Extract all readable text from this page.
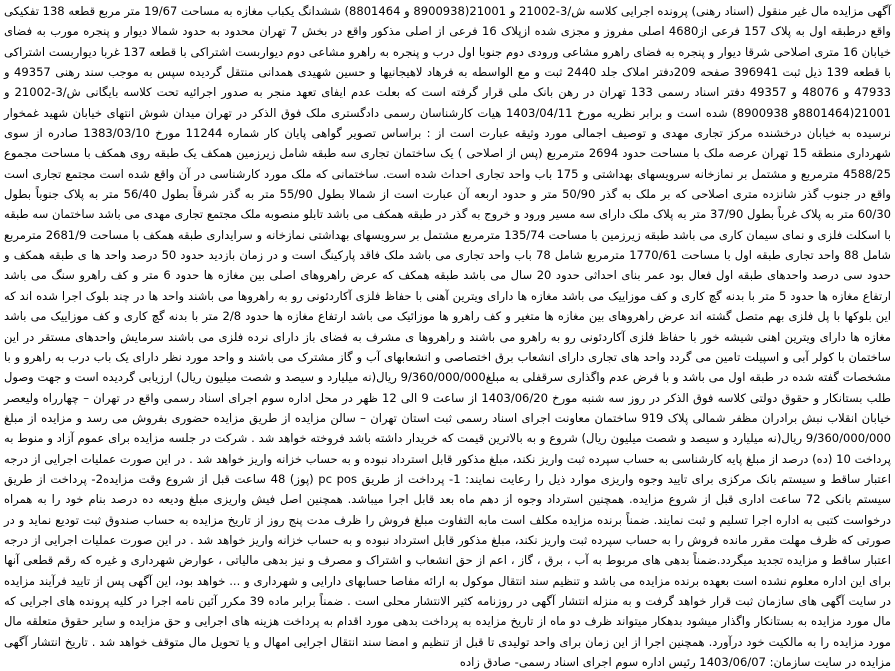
آگهی مزایده مال غیر منقول (اسناد رهنی) پرونده اجرایی کلاسه ش/3-21002 و 21001(8900938 و 8801464) ششدانگ یکباب مغازه به مساحت 19/67 متر مربع قطعه 138 تفکیکی واقع درطبقه اول به پلاک 157 فرعی از4680 اصلی مفروز و مجزی شده ازپلاک 16 فرعی از اصلی مذکور واقع در بخش 7 تهران محدود به حدود شمالا دیوار و پنجره مورب به فضای خیابان 16 متری اصلاحی شرقا دیوار و پنجره به فضای راهرو مشاعی ورودی دوم جنوبا اول درب و پنجره به راهرو مشاعی دوم دیواربست اشتراکی با قطعه 137 غربا دیواربست اشتراکی با قطعه 139 ذیل ثبت 396941 صفحه 209دفتر املاک جلد 2440 ثبت و مع الواسطه به فرهاد لاهیجانیها و حسین شهیدی همدانی منتقل گردیده سپس به موجب سند رهنی 49357 و 47933 و 48076 و 49357 دفتر اسناد رسمی 133 تهران در رهن بانک ملی قرار گرفته است که بعلت عدم ایفای تعهد منجر به صدور اجرائیه تحت کلاسه بایگانی ش/3-21002 و 21001(8801464و 8900938) شده است و برابر نظریه مورخ 1403/04/11 هیات کارشناسان رسمی دادگستری ملک فوق الذکر در تهران میدان شوش انتهای خیابان شهید غمخوار نرسیده به خیابان درخشنده مرکز تجاری مهدی و توصیف اجمالی مورد وثیقه عبارت است از : براساس تصویر گواهی پایان کار شماره 11244 مورخ 1383/03/10 صادره از سوی شهرداری منطقه 15 تهران عرصه ملک با مساحت حدود 2694 مترمربع (پس از اصلاحی ) یک ساختمان تجاری سه طبقه شامل زیرزمین همکف یک طبقه روی همکف با مساحت مجموع 4588/25 مترمربع و مشتمل بر نمازخانه سرویسهای بهداشتی و 175 باب واحد تجاری احداث شده است. ساختمانی که ملک مورد کارشناسی در آن واقع شده است مجتمع تجاری است واقع در جنوب گذر شانزده متری اصلاحی که بر ملک به گذر 50/90 متر و حدود اربعه آن عبارت است از شمالا بطول 55/90 متر به گذر شرقاً بطول 56/40 متر به پلاک جنوباً بطول 60/30 متر به پلاک غرباً بطول 37/90 متر به پلاک ملک دارای سه مسیر ورود و خروج به گذر در طبقه همکف می باشد تابلو منصوبه ملک مجتمع تجاری مهدی می باشد ساختمان سه طبقه با اسکلت فلزی و نمای سیمان کاری می باشد طبقه زیرزمین با مساحت 135/74 مترمربع مشتمل بر سرویسهای بهداشتی نمازخانه و سرایداری طبقه همکف با مساحت 2681/9 مترمربع شامل 88 واحد تجاری طبقه اول با مساحت 1770/61 مترمربع شامل 78 باب واحد تجاری می باشد ملک فاقد پارکینگ است و در زمان بازدید حدود 50 درصد واحد ها ی طبقه همکف و حدود سی درصد واحدهای طبقه اول فعال بود عمر بنای احداثی حدود 20 سال می باشد طبقه همکف که عرض راهروهای اصلی بین مغازه ها حدود 6 متر و کف راهرو سنگ می باشد ارتفاع مغازه ها حدود 5 متر با بدنه گچ کاری و کف موزاییک می باشد مغازه ها دارای ویترین آهنی با حفاظ فلزی آکاردئونی رو به راهروها می باشند واحد ها در چند بلوک اجرا شده اند که این بلوکها با پل فلزی بهم متصل گشته اند عرض راهروهای بین مغازه ها متغیر و کف راهرو ها موزائیک می باشد ارتفاع مغازه ها حدود 2/8 متر با بدنه گچ کاری و کف موزاییک می باشد مغازه ها دارای ویترین اهنی شیشه خور با حفاظ فلزی آکاردئونی رو به راهرو می باشند و راهروها ی مشرف به فضای باز دارای نرده فلزی می باشند سرمایش واحدهای مستقر در این ساختمان با کولر آبی و اسپیلت تامین می گردد واحد های تجاری دارای انشعاب برق اختصاصی و انشعابهای آب و گاز مشترک می باشند و واحد مورد نظر دارای یک باب درب به راهرو و با مشخصات گفته شده در طبقه اول می باشد و با فرض عدم واگذاری سرقفلی به مبلغ9/360/000/000 ریال(نه میلیارد و سیصد و شصت میلیون ریال) ارزیابی گردیده است و جهت وصول طلب بستانکار و حقوق دولتی کلاسه فوق الذکر در روز سه شنبه مورخ 1403/06/20 از ساعت 9 الی 12 ظهر در محل اداره سوم اجرای اسناد رسمی واقع در تهران – چهارراه ولیعصر خیابان انقلاب نبش برادران مظفر شمالی پلاک 919 ساختمان معاونت اجرای اسناد رسمی ثبت استان تهران – سالن مزایده از طریق مزایده حضوری بفروش می رسد و مزایده از مبلغ 9/360/000/000 ریال(نه میلیارد و سیصد و شصت میلیون ریال) شروع و به بالاترین قیمت که خریدار داشته باشد فروخته خواهد شد . شرکت در جلسه مزایده برای عموم آزاد و منوط به پرداخت 10 (ده) درصد از مبلغ پایه کارشناسی به حساب سپرده ثبت واریز نکند، مبلغ مذکور قابل استرداد نبوده و به حساب خزانه واریز خواهد شد . در این صورت عملیات اجرایی از درجه اعتبار ساقط و سیستم بانک مرکزی برای تایید وجوه واریزی موارد ذیل را رعایت نمایند: 1- پرداخت از طریق pc pos (پوز) 48 ساعت قبل از شروع وقت مزایده2- پرداخت از طریق سیستم بانکی 72 ساعت اداری قبل از شروع مزایده. همچنین استرداد وجوه از دهم ماه بعد قابل اجرا میباشد. همچنین اصل فیش واریزی مبلغ ودیعه ده درصد بنام خود را به همراه درخواست کتبی به اداره اجرا تسلیم و ثبت نمایند. ضمناً برنده مزایده مکلف است مابه التفاوت مبلغ فروش را ظرف مدت پنج روز از تاریخ مزایده به حساب صندوق ثبت تودیع نماید و در صورتی که ظرف مهلت مقرر مانده فروش را به حساب سپرده ثبت واریز نکند، مبلغ مذکور قابل استرداد نبوده و به حساب خزانه واریز خواهد شد . در این صورت عملیات اجرایی از درجه اعتبار ساقط و مزایده تجدید میگردد.ضمناً بدهی های مربوط به آب ، برق ، گاز ، اعم از حق انشعاب و اشتراک و مصرف و نیز بدهی مالیاتی ، عوارض شهرداری و غیره که رقم قطعی آنها برای این اداره معلوم نشده است بعهده برنده مزایده می باشد و تنظیم سند انتقال موکول به ارائه مفاصا حسابهای دارایی و شهرداری و ... خواهد بود، این آگهی پس از تایید فرآیند مزایده در سایت آگهی های سازمان ثبت قرار خواهد گرفت و به منزله انتشار آگهی در روزنامه کثیر الانتشار محلی است . ضمناً برابر ماده 39 مکرر آئین نامه اجرا در کلیه پرونده های اجرایی که مال مورد مزایده به بستانکار واگذار میشود بدهکار میتواند ظرف دو ماه از تاریخ مزایده به پرداخت بدهی مورد اقدام به پرداخت هزینه های اجرایی و حق مزایده و سایر حقوق متعلقه مال مورد مزایده را به مالکیت خود درآورد. همچنین اجرا از این زمان برای واحد تولیدی تا قبل از تنظیم و امضا سند انتقال اجرایی امهال و یا تحویل مال متوقف خواهد شد . تاریخ انتشار آگهی مزایده در سایت سازمان: 1403/06/07 رئیس اداره سوم اجرای اسناد رسمی- صادق زاده
